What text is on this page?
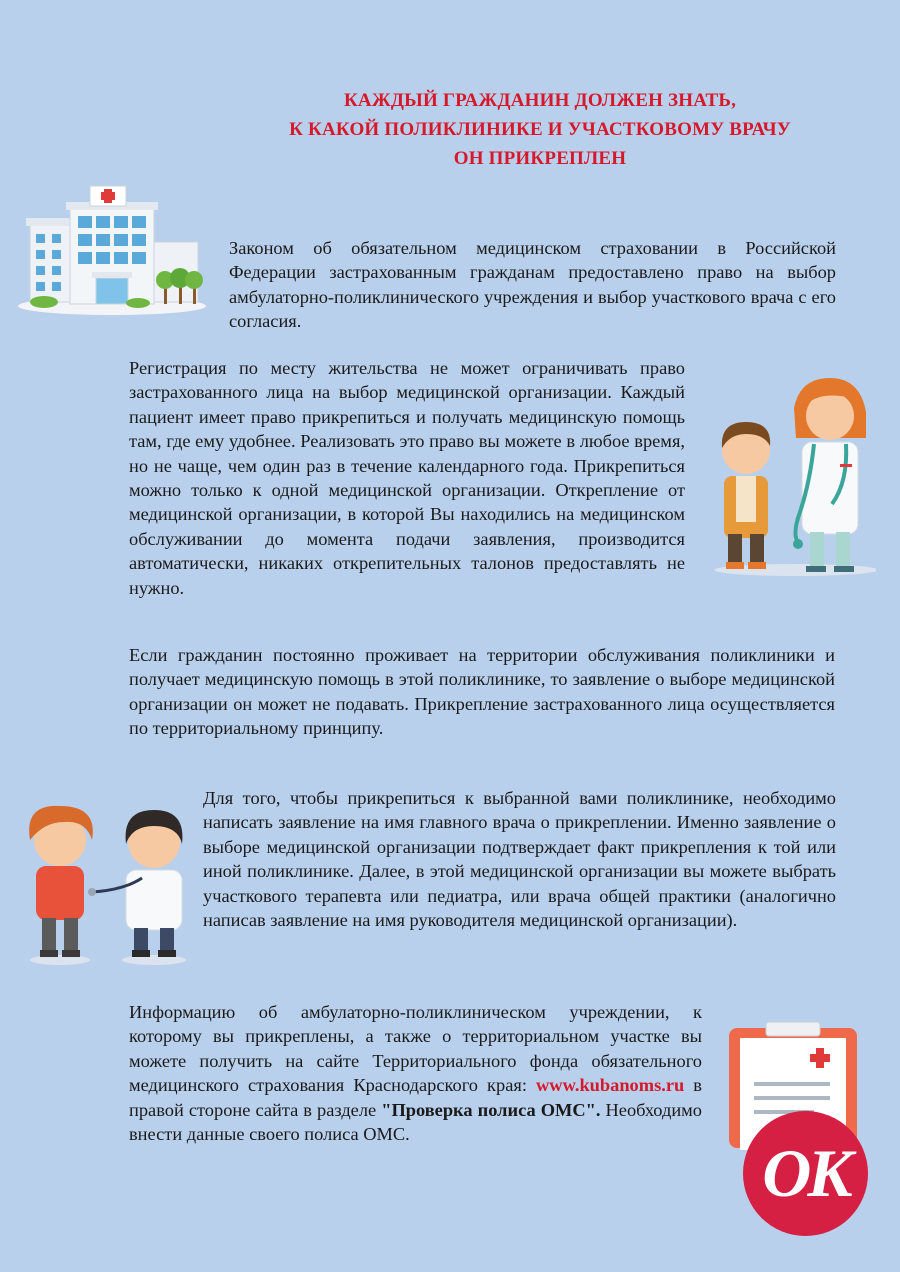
КАЖДЫЙ ГРАЖДАНИН ДОЛЖЕН ЗНАТЬ,
К КАКОЙ ПОЛИКЛИНИКЕ И УЧАСТКОВОМУ ВРАЧУ
ОН ПРИКРЕПЛЕН
Законом об обязательном медицинском страховании в Российской Федерации застрахованным гражданам предоставлено право на выбор амбулаторно-поликлинического учреждения и выбор участкового врача с его согласия.
Регистрация по месту жительства не может ограничивать право застрахованного лица на выбор медицинской организации. Каждый пациент имеет право прикрепиться и получать медицинскую помощь там, где ему удобнее. Реализовать это право вы можете в любое время, но не чаще, чем один раз в течение календарного года. Прикрепиться можно только к одной медицинской организации. Открепление от медицинской организации, в которой Вы находились на медицинском обслуживании до момента подачи заявления, производится автоматически, никаких открепительных талонов предоставлять не нужно.
Если гражданин постоянно проживает на территории обслуживания поликлиники и получает медицинскую помощь в этой поликлинике, то заявление о выборе медицинской организации он может не подавать. Прикрепление застрахованного лица осуществляется по территориальному принципу.
Для того, чтобы прикрепиться к выбранной вами поликлинике, необходимо написать заявление на имя главного врача о прикреплении. Именно заявление о выборе медицинской организации подтверждает факт прикрепления к той или иной поликлинике. Далее, в этой медицинской организации вы можете выбрать участкового терапевта или педиатра, или врача общей практики (аналогично написав заявление на имя руководителя медицинской организации).
Информацию об амбулаторно-поликлиническом учреждении, к которому вы прикреплены, а также о территориальном участке вы можете получить на сайте Территориального фонда обязательного медицинского страхования Краснодарского края: www.kubanoms.ru в правой стороне сайта в разделе "Проверка полиса ОМС". Необходимо внести данные своего полиса ОМС.
OK
